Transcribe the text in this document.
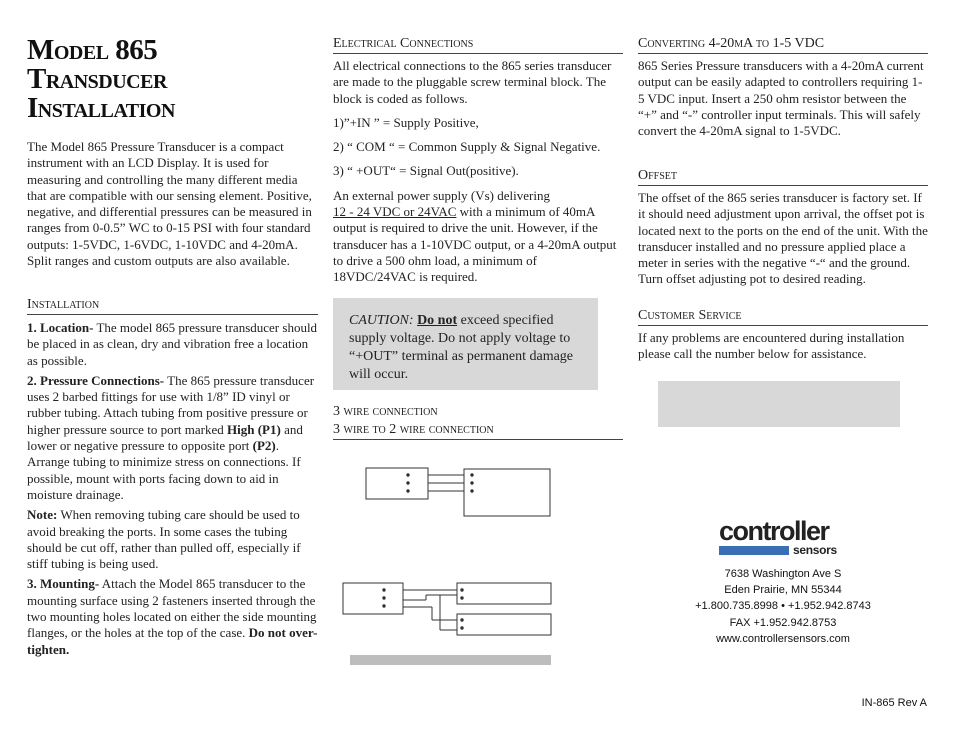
Model 865
Transducer
Installation

The Model 865 Pressure Transducer is a compact instrument with an LCD Display. It is used for measuring and controlling the many different media that are compatible with our sensing element. Positive, negative, and differential pressures can be measured in ranges from 0-0.5” WC to 0-15 PSI with four standard outputs: 1-5VDC, 1-6VDC, 1-10VDC and 4-20mA. Split ranges and custom outputs are also available.

Installation

1. Location- The model 865 pressure transducer should be placed in as clean, dry and vibration free a location as possible.

2. Pressure Connections- The 865 pressure transducer uses 2 barbed fittings for use with 1/8” ID vinyl or rubber tubing. Attach tubing from positive pressure or higher pressure source to port marked High (P1) and lower or negative pressure to opposite port (P2). Arrange tubing to minimize stress on connections. If possible, mount with ports facing down to aid in moisture drainage.

Note: When removing tubing care should be used to avoid breaking the ports. In some cases the tubing should be cut off, rather than pulled off, especially if stiff tubing is being used.

3. Mounting- Attach the Model 865 transducer to the mounting surface using 2 fasteners inserted through the two mounting holes located on either the side mounting flanges, or the holes at the top of the case. Do not over-tighten.

Electrical Connections

All electrical connections to the 865 series transducer are made to the pluggable screw terminal block. The block is coded as follows.

1)”+IN ” = Supply Positive,

2) “ COM “ = Common Supply & Signal Negative.

3) “ +OUT“ = Signal Out(positive).

An external power supply (Vs) delivering
12 - 24 VDC or 24VAC with a minimum of 40mA output is required to drive the unit. However, if the transducer has a 1-10VDC output, or a 4-20mA output to drive a 500 ohm load, a minimum of 18VDC/24VAC is required.

CAUTION: Do not exceed specified supply voltage. Do not apply voltage to “+OUT” terminal as permanent damage will occur.

3 wire connection
3 wire to 2 wire connection
Converting 4-20mA to 1-5 VDC

865 Series Pressure transducers with a 4-20mA current output can be easily adapted to controllers requiring 1-5 VDC input. Insert a 250 ohm resistor between the “+” and “-” controller input terminals. This will safely convert the 4-20mA signal to 1-5VDC.

Offset

The offset of the 865 series transducer is factory set. If it should need adjustment upon arrival, the offset pot is located next to the ports on the end of the unit. With the transducer installed and no pressure applied place a meter in series with the negative “-“ and the ground. Turn offset adjusting pot to desired reading.

Customer Service

If any problems are encountered during installation please call the number below for assistance.

controller
sensors
7638 Washington Ave S
Eden Prairie, MN 55344
+1.800.735.8998 • +1.952.942.8743
FAX +1.952.942.8753
www.controllersensors.com
IN-865 Rev A
